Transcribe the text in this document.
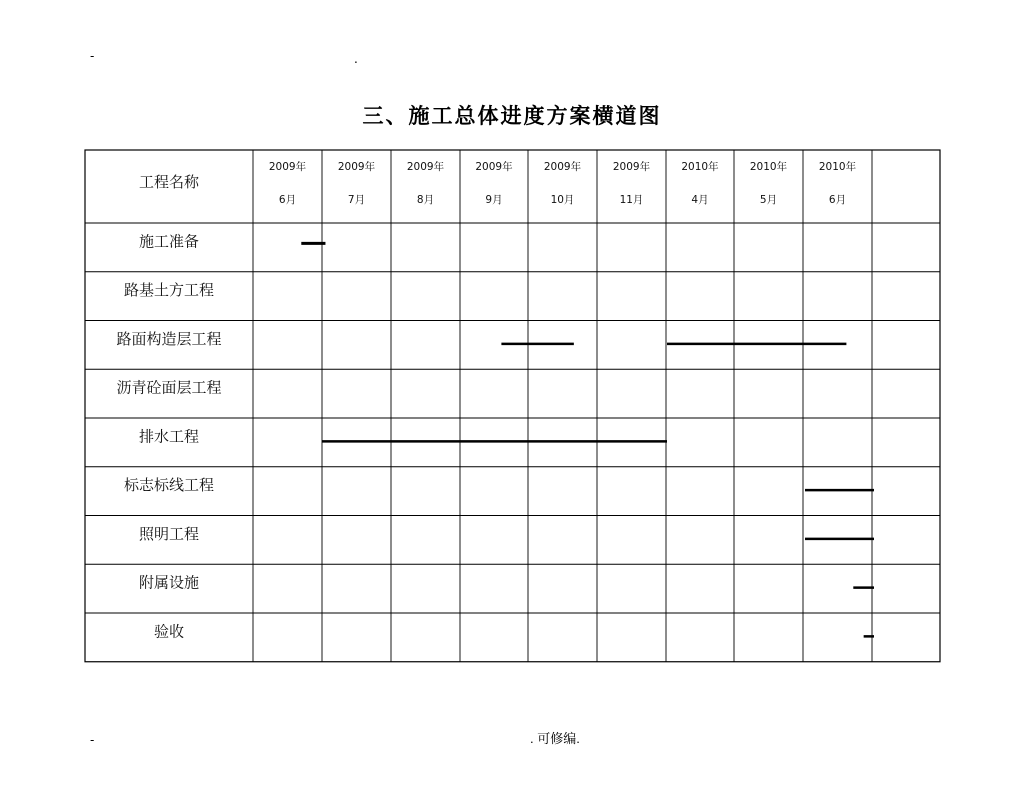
-	.
-
三、施工总体进度方案横道图
工程名称
2009年
6月
2009年
7月
2009年
8月
2009年
9月
2009年
10月
2009年
11月
2010年
4月
2010年
5月
2010年
6月
施工准备
路基土方工程
路面构造层工程
沥青砼面层工程
排水工程
标志标线工程
照明工程
附属设施
验收
. 可修编.
